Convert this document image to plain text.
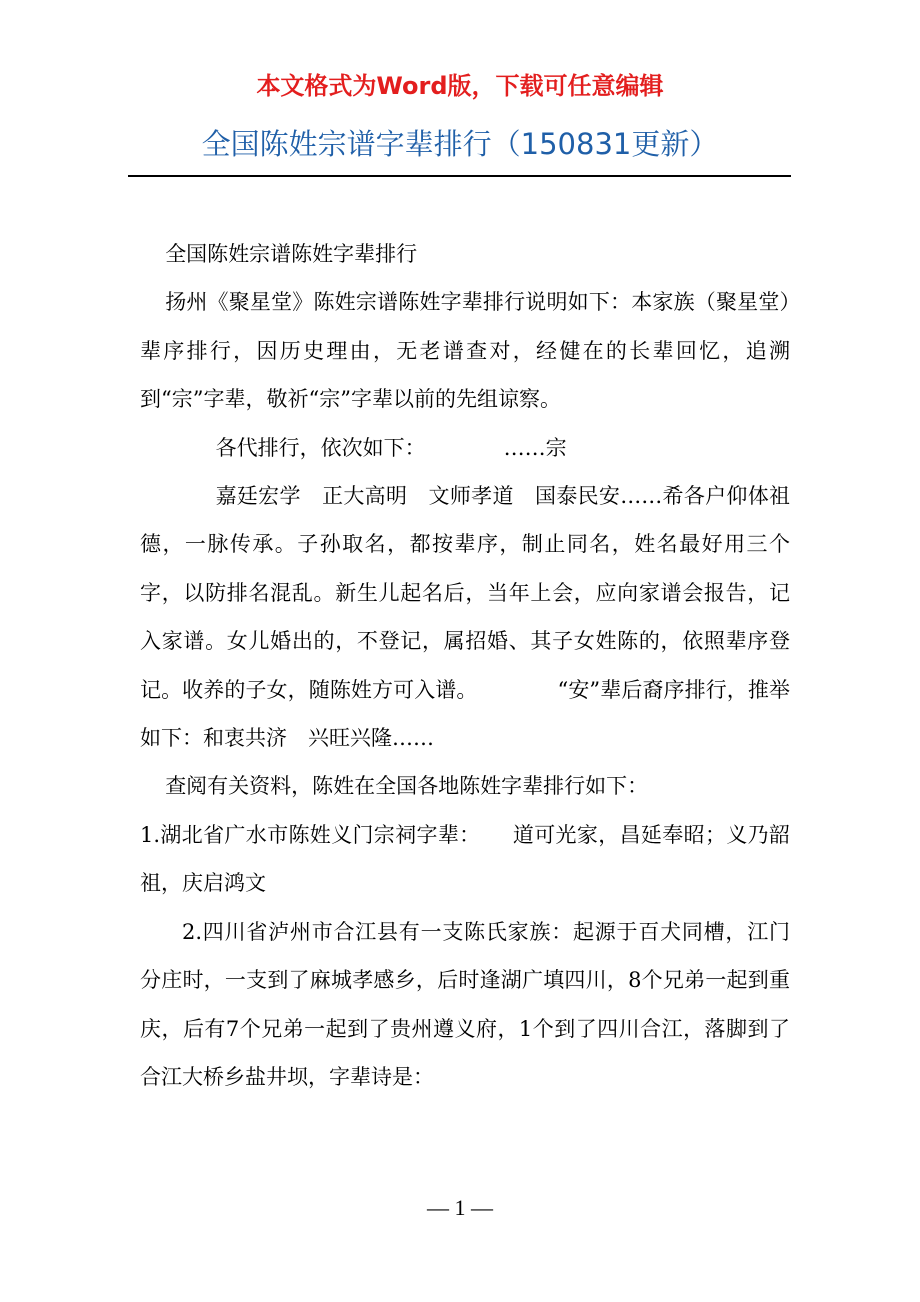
本文格式为Word版，下载可任意编辑
全国陈姓宗谱字辈排行（150831更新）

全国陈姓宗谱陈姓字辈排行

扬州《聚星堂》陈姓宗谱陈姓字辈排行说明如下：本家族（聚星堂）辈序排行，因历史理由，无老谱查对，经健在的长辈回忆，追溯到“宗”字辈，敬祈“宗”字辈以前的先组谅察。

各代排行，依次如下：	……宗

嘉廷宏学　正大高明　文师孝道　国泰民安……希各户仰体祖德，一脉传承。子孙取名，都按辈序，制止同名，姓名最好用三个字，以防排名混乱。新生儿起名后，当年上会，应向家谱会报告，记入家谱。女儿婚出的，不登记，属招婚、其子女姓陈的，依照辈序登记。收养的子女，随陈姓方可入谱。	“安”辈后裔序排行，推举如下：和衷共济　兴旺兴隆……

查阅有关资料，陈姓在全国各地陈姓字辈排行如下：

1.湖北省广水市陈姓义门宗祠字辈： 道可光家，昌延奉昭；义乃韶祖，庆启鸿文

2.四川省泸州市合江县有一支陈氏家族：起源于百犬同槽，江门分庄时，一支到了麻城孝感乡，后时逢湖广填四川，8个兄弟一起到重庆，后有7个兄弟一起到了贵州遵义府，1个到了四川合江，落脚到了合江大桥乡盐井坝，字辈诗是：

— 1 —
